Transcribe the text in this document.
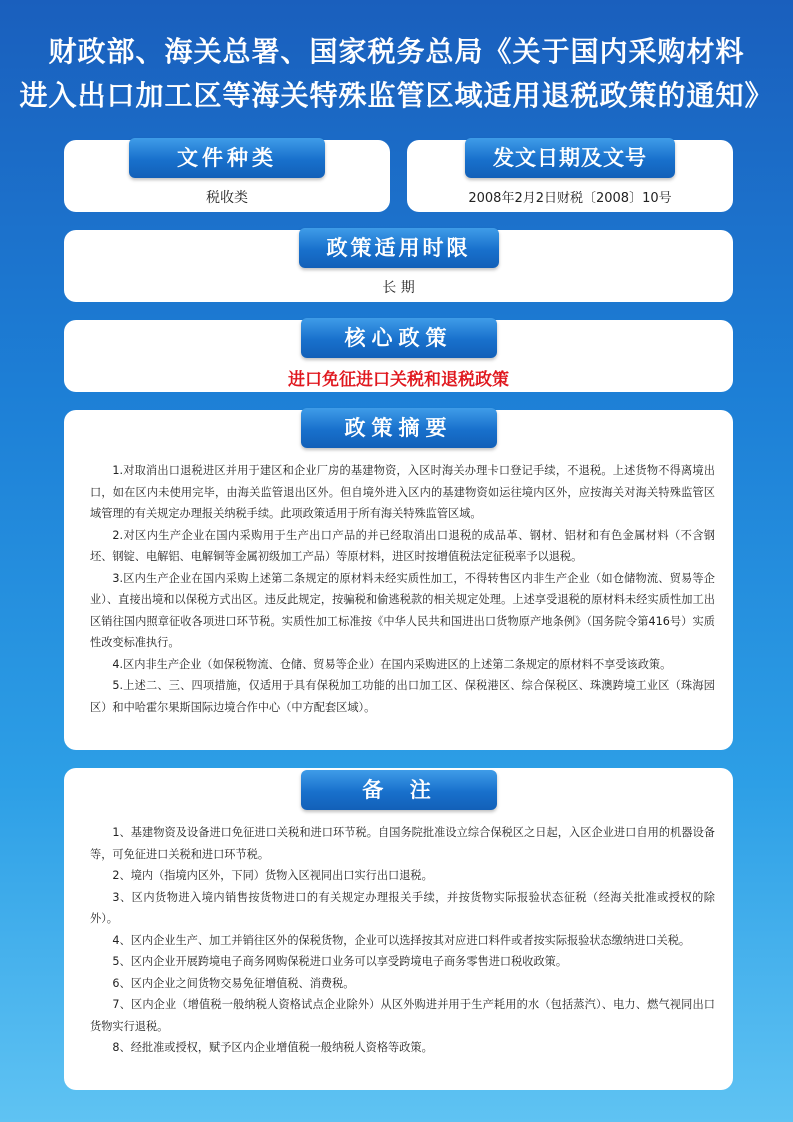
财政部、海关总署、国家税务总局《关于国内采购材料
进入出口加工区等海关特殊监管区域适用退税政策的通知》
文件种类
税收类
发文日期及文号
2008年2月2日财税〔2008〕10号
政策适用时限
长 期
核心政策
进口免征进口关税和退税政策
政策摘要

1.对取消出口退税进区并用于建区和企业厂房的基建物资，入区时海关办理卡口登记手续，不退税。上述货物不得离境出口，如在区内未使用完毕，由海关监管退出区外。但自境外进入区内的基建物资如运往境内区外，应按海关对海关特殊监管区域管理的有关规定办理报关纳税手续。此项政策适用于所有海关特殊监管区域。

2.对区内生产企业在国内采购用于生产出口产品的并已经取消出口退税的成品革、钢材、铝材和有色金属材料（不含钢坯、钢锭、电解铝、电解铜等金属初级加工产品）等原材料，进区时按增值税法定征税率予以退税。

3.区内生产企业在国内采购上述第二条规定的原材料未经实质性加工，不得转售区内非生产企业（如仓储物流、贸易等企业）、直接出境和以保税方式出区。违反此规定，按骗税和偷逃税款的相关规定处理。上述享受退税的原材料未经实质性加工出区销往国内照章征收各项进口环节税。实质性加工标准按《中华人民共和国进出口货物原产地条例》（国务院令第416号）实质性改变标准执行。

4.区内非生产企业（如保税物流、仓储、贸易等企业）在国内采购进区的上述第二条规定的原材料不享受该政策。

5.上述二、三、四项措施，仅适用于具有保税加工功能的出口加工区、保税港区、综合保税区、珠澳跨境工业区（珠海园区）和中哈霍尔果斯国际边境合作中心（中方配套区域）。

备  注

1、基建物资及设备进口免征进口关税和进口环节税。自国务院批准设立综合保税区之日起，入区企业进口自用的机器设备等，可免征进口关税和进口环节税。

2、境内（指境内区外，下同）货物入区视同出口实行出口退税。

3、区内货物进入境内销售按货物进口的有关规定办理报关手续，并按货物实际报验状态征税（经海关批准或授权的除外）。

4、区内企业生产、加工并销往区外的保税货物，企业可以选择按其对应进口料件或者按实际报验状态缴纳进口关税。

5、区内企业开展跨境电子商务网购保税进口业务可以享受跨境电子商务零售进口税收政策。

6、区内企业之间货物交易免征增值税、消费税。

7、区内企业（增值税一般纳税人资格试点企业除外）从区外购进并用于生产耗用的水（包括蒸汽）、电力、燃气视同出口货物实行退税。

8、经批准或授权，赋予区内企业增值税一般纳税人资格等政策。
